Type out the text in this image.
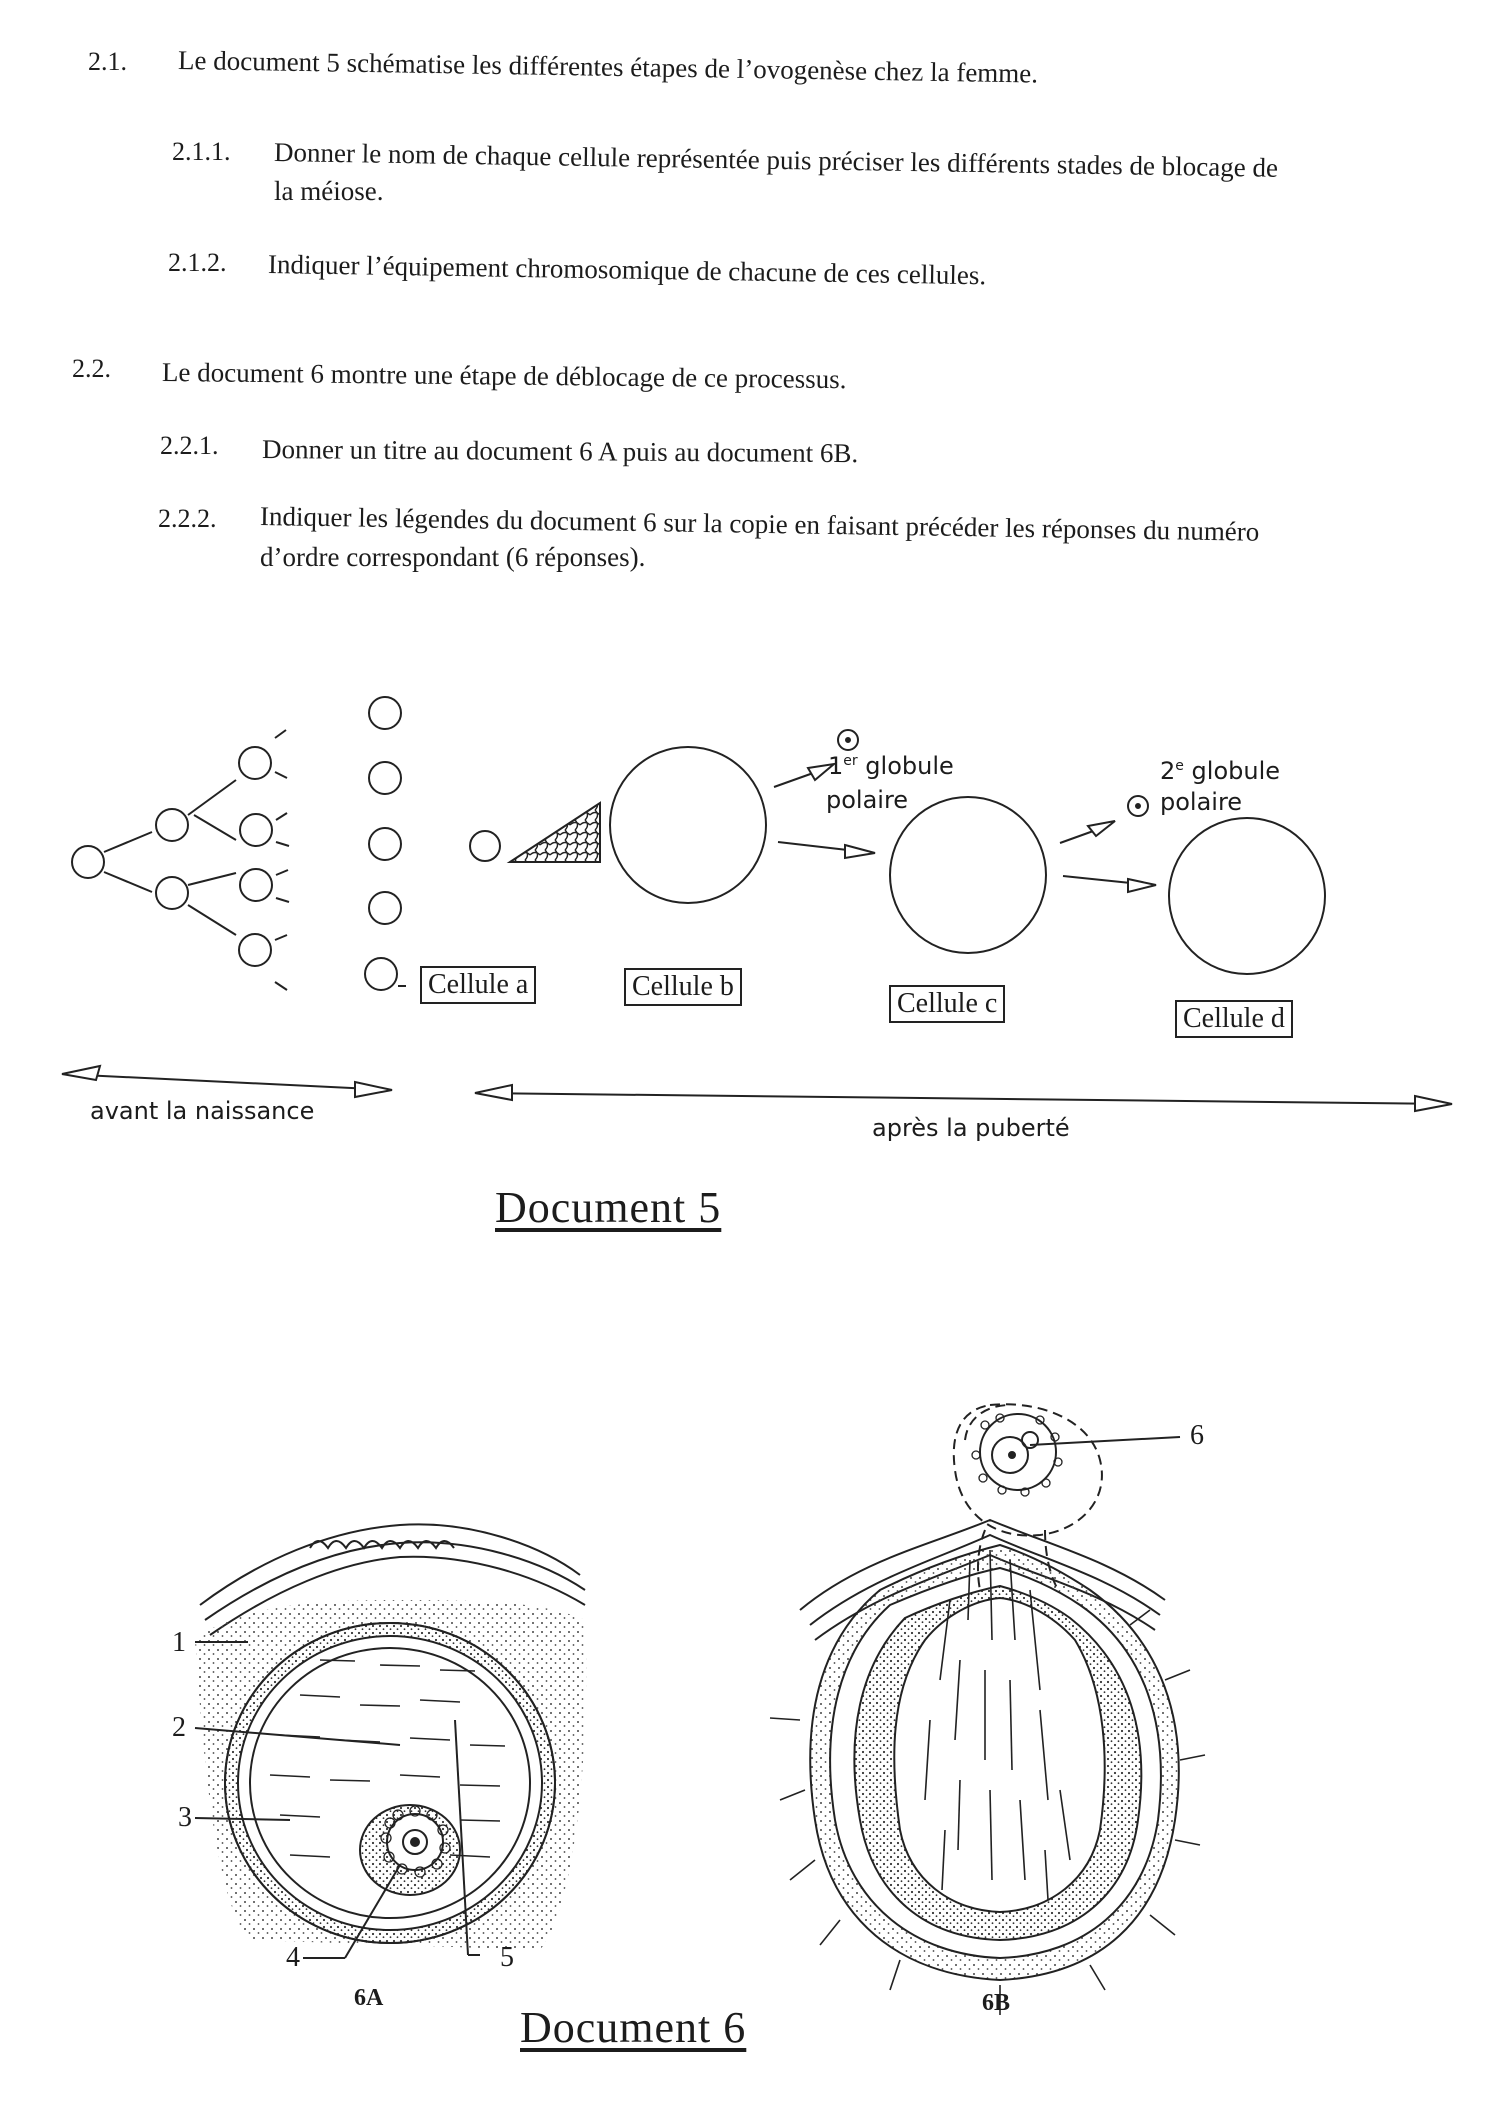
2.1. Le document 5 schématise les différentes étapes de l’ovogenèse chez la femme.
2.1.1. Donner le nom de chaque cellule représentée puis préciser les différents stades de blocage de
la méiose.
2.1.2. Indiquer l’équipement chromosomique de chacune de ces cellules.
2.2. Le document 6 montre une étape de déblocage de ce processus.
2.2.1. Donner un titre au document 6 A puis au document 6B.
2.2.2. Indiquer les légendes du document 6 sur la copie en faisant précéder les réponses du numéro
d’ordre correspondant (6 réponses).
1er globule
polaire
2e globule
polaire
Cellule a	Cellule b
Cellule c	Cellule d
avant la naissance
après la puberté
Document 5
1
2
3
4	5
6
6A	6B
Document 6
